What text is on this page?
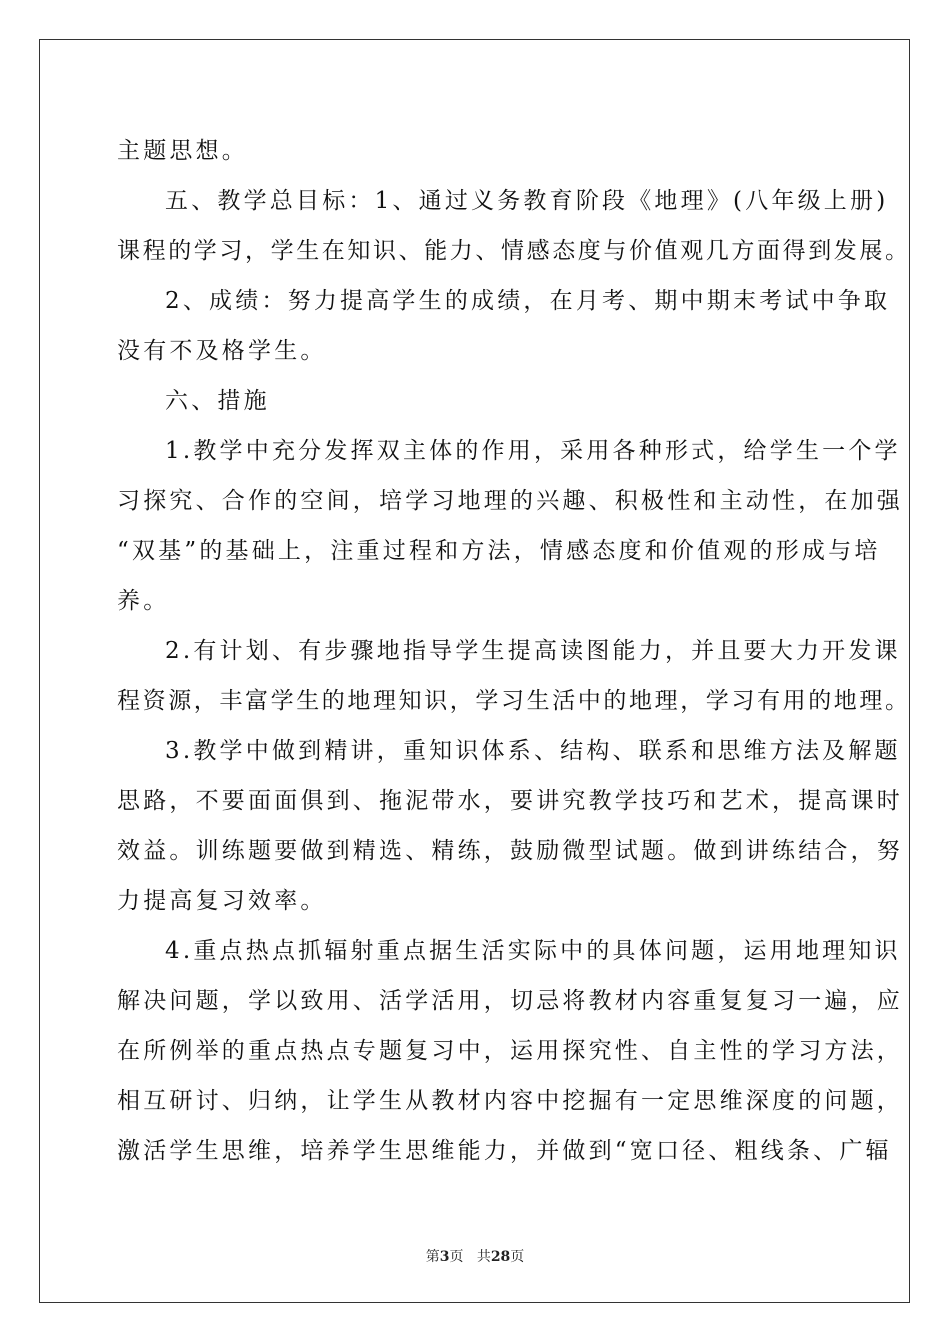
主题思想。
五、教学总目标：1、通过义务教育阶段《地理》(八年级上册)
课程的学习，学生在知识、能力、情感态度与价值观几方面得到发展。
2、成绩：努力提高学生的成绩，在月考、期中期末考试中争取
没有不及格学生。
六、措施
1.教学中充分发挥双主体的作用，采用各种形式，给学生一个学
习探究、合作的空间，培学习地理的兴趣、积极性和主动性，在加强
“双基”的基础上，注重过程和方法，情感态度和价值观的形成与培
养。
2.有计划、有步骤地指导学生提高读图能力，并且要大力开发课
程资源，丰富学生的地理知识，学习生活中的地理，学习有用的地理。
3.教学中做到精讲，重知识体系、结构、联系和思维方法及解题
思路，不要面面俱到、拖泥带水，要讲究教学技巧和艺术，提高课时
效益。训练题要做到精选、精练，鼓励微型试题。做到讲练结合，努
力提高复习效率。
4.重点热点抓辐射重点据生活实际中的具体问题，运用地理知识
解决问题，学以致用、活学活用，切忌将教材内容重复复习一遍，应
在所例举的重点热点专题复习中，运用探究性、自主性的学习方法，
相互研讨、归纳，让学生从教材内容中挖掘有一定思维深度的问题，
激活学生思维，培养学生思维能力，并做到“宽口径、粗线条、广辐
第3页 共28页
